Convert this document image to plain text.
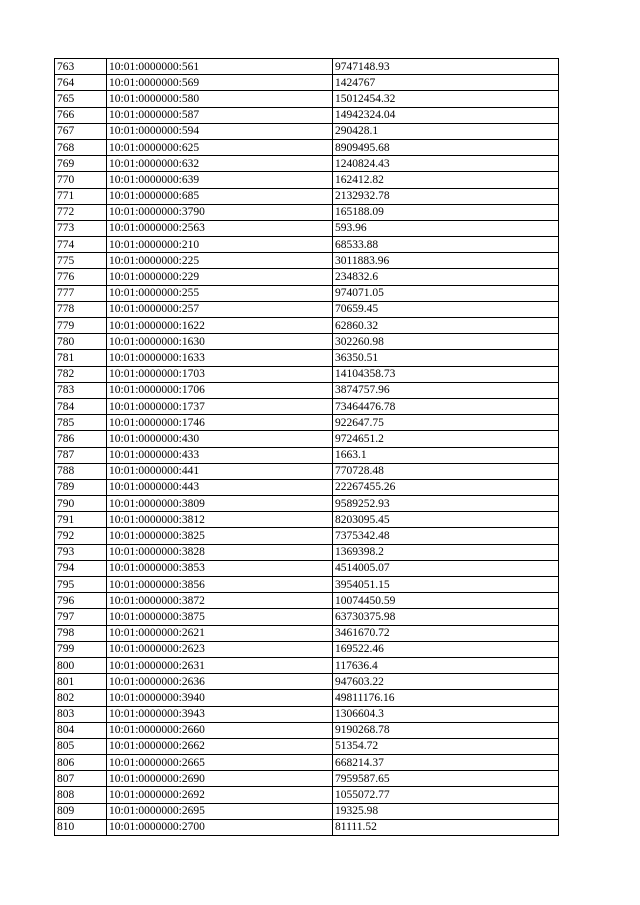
763	10:01:0000000:561	9747148.93
764	10:01:0000000:569	1424767
765	10:01:0000000:580	15012454.32
766	10:01:0000000:587	14942324.04
767	10:01:0000000:594	290428.1
768	10:01:0000000:625	8909495.68
769	10:01:0000000:632	1240824.43
770	10:01:0000000:639	162412.82
771	10:01:0000000:685	2132932.78
772	10:01:0000000:3790	165188.09
773	10:01:0000000:2563	593.96
774	10:01:0000000:210	68533.88
775	10:01:0000000:225	3011883.96
776	10:01:0000000:229	234832.6
777	10:01:0000000:255	974071.05
778	10:01:0000000:257	70659.45
779	10:01:0000000:1622	62860.32
780	10:01:0000000:1630	302260.98
781	10:01:0000000:1633	36350.51
782	10:01:0000000:1703	14104358.73
783	10:01:0000000:1706	3874757.96
784	10:01:0000000:1737	73464476.78
785	10:01:0000000:1746	922647.75
786	10:01:0000000:430	9724651.2
787	10:01:0000000:433	1663.1
788	10:01:0000000:441	770728.48
789	10:01:0000000:443	22267455.26
790	10:01:0000000:3809	9589252.93
791	10:01:0000000:3812	8203095.45
792	10:01:0000000:3825	7375342.48
793	10:01:0000000:3828	1369398.2
794	10:01:0000000:3853	4514005.07
795	10:01:0000000:3856	3954051.15
796	10:01:0000000:3872	10074450.59
797	10:01:0000000:3875	63730375.98
798	10:01:0000000:2621	3461670.72
799	10:01:0000000:2623	169522.46
800	10:01:0000000:2631	117636.4
801	10:01:0000000:2636	947603.22
802	10:01:0000000:3940	49811176.16
803	10:01:0000000:3943	1306604.3
804	10:01:0000000:2660	9190268.78
805	10:01:0000000:2662	51354.72
806	10:01:0000000:2665	668214.37
807	10:01:0000000:2690	7959587.65
808	10:01:0000000:2692	1055072.77
809	10:01:0000000:2695	19325.98
810	10:01:0000000:2700	81111.52
